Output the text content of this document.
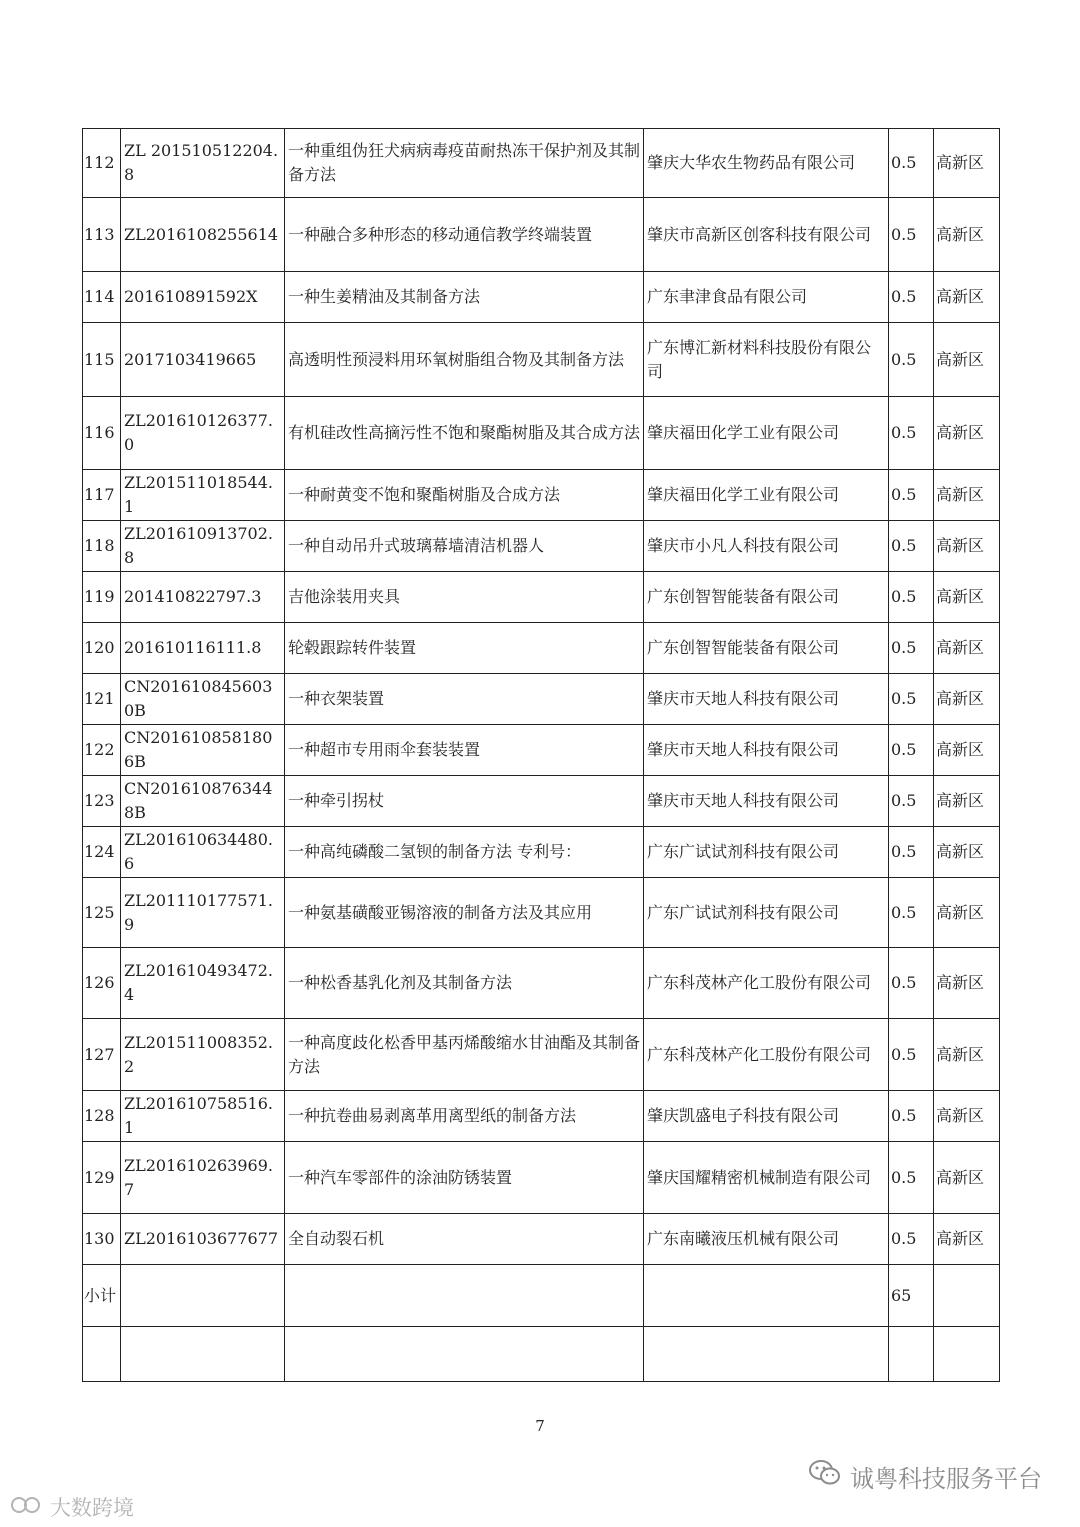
112	ZL 201510512204.8	一种重组伪狂犬病病毒疫苗耐热冻干保护剂及其制备方法	肇庆大华农生物药品有限公司	0.5	高新区
113	ZL2016108255614	一种融合多种形态的移动通信教学终端装置	肇庆市高新区创客科技有限公司	0.5	高新区
114	201610891592X	一种生姜精油及其制备方法	广东聿津食品有限公司	0.5	高新区
115	2017103419665	高透明性预浸料用环氧树脂组合物及其制备方法	广东博汇新材料科技股份有限公司	0.5	高新区
116	ZL201610126377.0	有机硅改性高摘污性不饱和聚酯树脂及其合成方法	肇庆福田化学工业有限公司	0.5	高新区
117	ZL201511018544.1	一种耐黄变不饱和聚酯树脂及合成方法	肇庆福田化学工业有限公司	0.5	高新区
118	ZL201610913702.8	一种自动吊升式玻璃幕墙清洁机器人	肇庆市小凡人科技有限公司	0.5	高新区
119	201410822797.3	吉他涂装用夹具	广东创智智能装备有限公司	0.5	高新区
120	201610116111.8	轮毂跟踪转件装置	广东创智智能装备有限公司	0.5	高新区
121	CN2016108456030B	一种衣架装置	肇庆市天地人科技有限公司	0.5	高新区
122	CN2016108581806B	一种超市专用雨伞套装装置	肇庆市天地人科技有限公司	0.5	高新区
123	CN2016108763448B	一种牵引拐杖	肇庆市天地人科技有限公司	0.5	高新区
124	ZL201610634480.6	一种高纯磷酸二氢钡的制备方法 专利号：	广东广试试剂科技有限公司	0.5	高新区
125	ZL201110177571.9	一种氨基磺酸亚锡溶液的制备方法及其应用	广东广试试剂科技有限公司	0.5	高新区
126	ZL201610493472.4	一种松香基乳化剂及其制备方法	广东科茂林产化工股份有限公司	0.5	高新区
127	ZL201511008352.2	一种高度歧化松香甲基丙烯酸缩水甘油酯及其制备方法	广东科茂林产化工股份有限公司	0.5	高新区
128	ZL201610758516.1	一种抗卷曲易剥离革用离型纸的制备方法	肇庆凯盛电子科技有限公司	0.5	高新区
129	ZL201610263969.7	一种汽车零部件的涂油防锈装置	肇庆国耀精密机械制造有限公司	0.5	高新区
130	ZL2016103677677	全自动裂石机	广东南曦液压机械有限公司	0.5	高新区
小计				65	

7
诚粤科技服务平台
大数跨境
